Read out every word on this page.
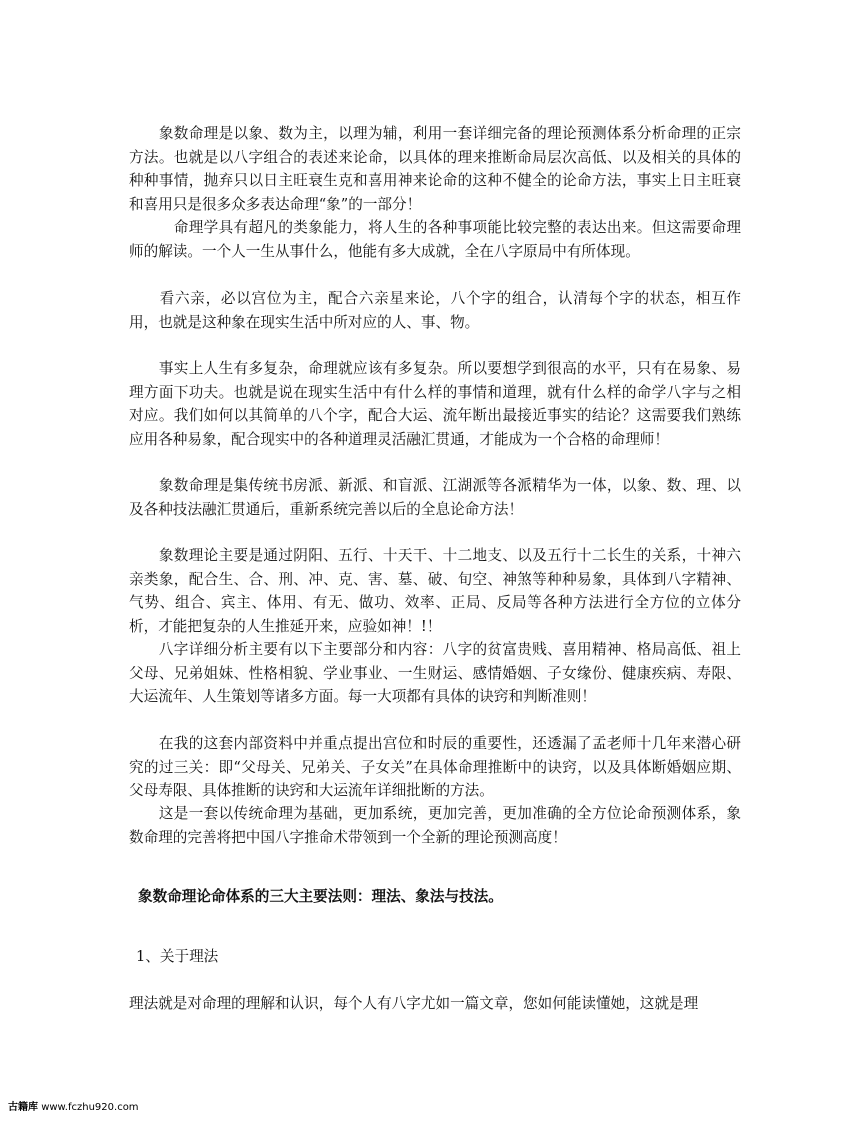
　　象数命理是以象、数为主，以理为辅，利用一套详细完备的理论预测体系分析命理的正宗方法。也就是以八字组合的表述来论命，以具体的理来推断命局层次高低、以及相关的具体的种种事情，抛弃只以日主旺衰生克和喜用神来论命的这种不健全的论命方法，事实上日主旺衰和喜用只是很多众多表达命理“象”的一部分！

　　　命理学具有超凡的类象能力，将人生的各种事项能比较完整的表达出来。但这需要命理师的解读。一个人一生从事什么，他能有多大成就，全在八字原局中有所体现。

　　看六亲，必以宫位为主，配合六亲星来论，八个字的组合，认清每个字的状态，相互作用，也就是这种象在现实生活中所对应的人、事、物。

　　事实上人生有多复杂，命理就应该有多复杂。所以要想学到很高的水平，只有在易象、易理方面下功夫。也就是说在现实生活中有什么样的事情和道理，就有什么样的命学八字与之相对应。我们如何以其简单的八个字，配合大运、流年断出最接近事实的结论？这需要我们熟练应用各种易象，配合现实中的各种道理灵活融汇贯通，才能成为一个合格的命理师！

　　象数命理是集传统书房派、新派、和盲派、江湖派等各派精华为一体，以象、数、理、以及各种技法融汇贯通后，重新系统完善以后的全息论命方法！

　　象数理论主要是通过阴阳、五行、十天干、十二地支、以及五行十二长生的关系，十神六亲类象，配合生、合、刑、冲、克、害、墓、破、旬空、神煞等种种易象，具体到八字精神、气势、组合、宾主、体用、有无、做功、效率、正局、反局等各种方法进行全方位的立体分析，才能把复杂的人生推延开来，应验如神！!！

　　八字详细分析主要有以下主要部分和内容：八字的贫富贵贱、喜用精神、格局高低、祖上父母、兄弟姐妹、性格相貌、学业事业、一生财运、感情婚姻、子女缘份、健康疾病、寿限、大运流年、人生策划等诸多方面。每一大项都有具体的诀窍和判断准则！

　　在我的这套内部资料中并重点提出宫位和时辰的重要性，还透漏了孟老师十几年来潜心研究的过三关：即“父母关、兄弟关、子女关”在具体命理推断中的诀窍，以及具体断婚姻应期、父母寿限、具体推断的诀窍和大运流年详细批断的方法。

　　这是一套以传统命理为基础，更加系统，更加完善，更加准确的全方位论命预测体系，象数命理的完善将把中国八字推命术带领到一个全新的理论预测高度！

象数命理论命体系的三大主要法则：理法、象法与技法。

1、关于理法

理法就是对命理的理解和认识，每个人有八字尤如一篇文章，您如何能读懂她，这就是理

古籍库 www.fczhu920.com
